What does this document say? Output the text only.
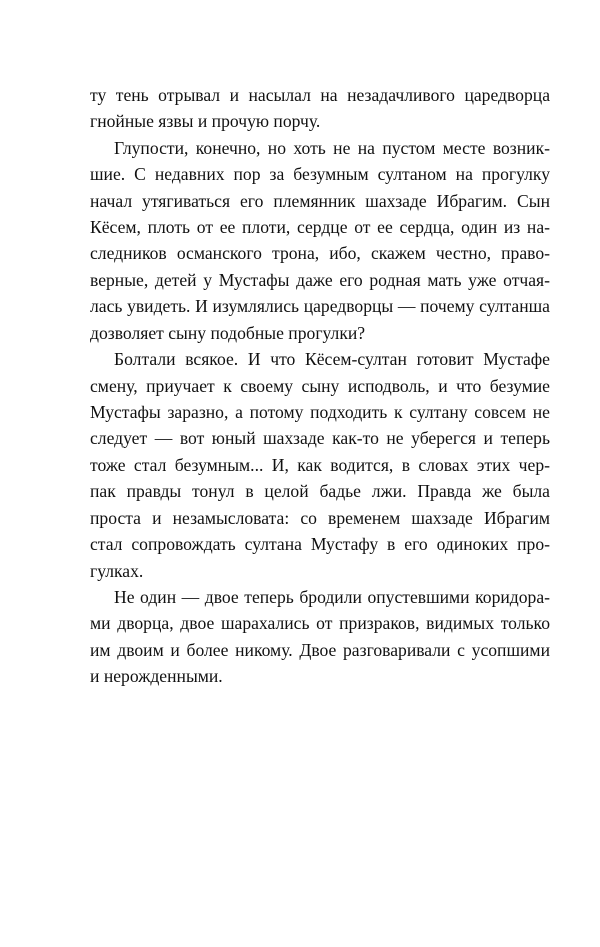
ту тень отрывал и насылал на незадачливого царедворца
гнойные язвы и прочую порчу.
Глупости, конечно, но хоть не на пустом месте возник-
шие. С недавних пор за безумным султаном на прогулку
начал утягиваться его племянник шахзаде Ибрагим. Сын
Кёсем, плоть от ее плоти, сердце от ее сердца, один из на-
следников османского трона, ибо, скажем честно, право-
верные, детей у Мустафы даже его родная мать уже отчая-
лась увидеть. И изумлялись царедворцы — почему султанша
дозволяет сыну подобные прогулки?
Болтали всякое. И что Кёсем-султан готовит Мустафе
смену, приучает к своему сыну исподволь, и что безумие
Мустафы заразно, а потому подходить к султану совсем не
следует — вот юный шахзаде как-то не уберегся и теперь
тоже стал безумным... И, как водится, в словах этих чер-
пак правды тонул в целой бадье лжи. Правда же была
проста и незамысловата: со временем шахзаде Ибрагим
стал сопровождать султана Мустафу в его одиноких про-
гулках.
Не один — двое теперь бродили опустевшими коридора-
ми дворца, двое шарахались от призраков, видимых только
им двоим и более никому. Двое разговаривали с усопшими
и нерожденными.
